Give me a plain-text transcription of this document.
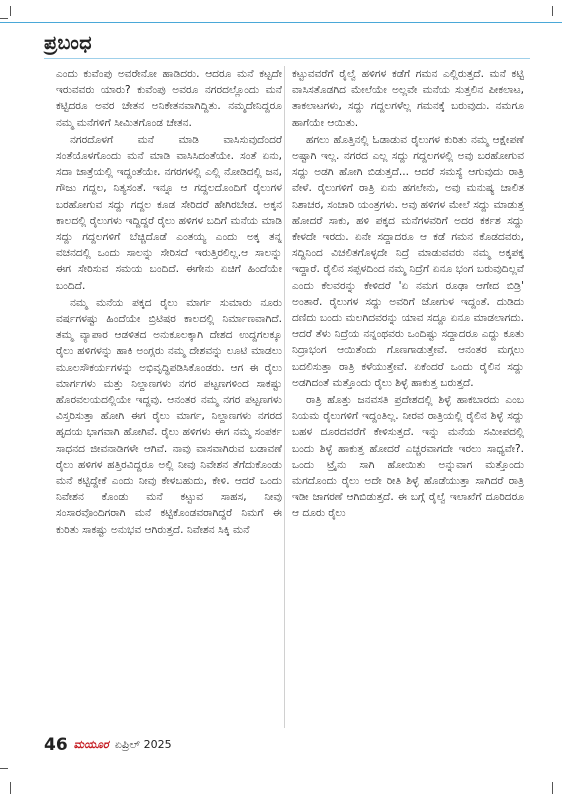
ಪ್ರಬಂಧ

ಎಂದು ಕುವೆಂಪು ಅವರೇನೋ ಹಾಡಿದರು. ಆದರೂ ಮನೆ ಕಟ್ಟದೇ ಇರುವವರು ಯಾರು? ಕುವೆಂಪು ಅವರೂ ನಗರದಲ್ಲೊಂದು ಮನೆ ಕಟ್ಟಿದರೂ ಅವರ ಚೇತನ ಅನಿಕೇತನವಾಗಿದ್ದಿತು. ನಮ್ಮದೇನಿದ್ದರೂ ನಮ್ಮ ಮನೆಗಳಿಗೆ ಸೀಮಿತಗೊಂಡ ಚೇತನ.

ನಗರದೊಳಗೆ ಮನೆ ಮಾಡಿ ವಾಸಿಸುವುದೆಂದರೆ ಸಂತೆಯೊಳಗೊಂದು ಮನೆ ಮಾಡಿ ವಾಸಿಸಿದಂತೆಯೇ. ಸಂತೆ ಏನು, ಸದಾ ಜಾತ್ರೆಯಲ್ಲಿ ಇದ್ದಂತೆಯೇ. ನಗರಗಳಲ್ಲಿ ಎಲ್ಲಿ ನೋಡಿದಲ್ಲಿ ಜನ, ಗೌಜು ಗದ್ದಲ, ನಿತ್ಯಸಂತೆ. ಇನ್ನೂ ಆ ಗದ್ದಲದೊಂದಿಗೆ ರೈಲುಗಳ ಬರಹೋಗುವ ಸದ್ದು ಗದ್ದಲ ಕೂಡ ಸೇರಿದರೆ ಹೇಗಿರಬೇಡ. ಅಕ್ಕನ ಕಾಲದಲ್ಲಿ ರೈಲುಗಳು ಇದ್ದಿದ್ದರೆ ರೈಲು ಹಳಿಗಳ ಬದಿಗೆ ಮನೆಯ ಮಾಡಿ ಸದ್ದು ಗದ್ದಲಗಳಿಗೆ ಬೆಚ್ಚಿದೊಡೆ ಎಂತಯ್ಯ ಎಂದು ಅಕ್ಕ ತನ್ನ ವಚನದಲ್ಲಿ ಒಂದು ಸಾಲನ್ನು ಸೇರಿಸದೆ ಇರುತ್ತಿರಲಿಲ್ಲ.ಆ ಸಾಲನ್ನು ಈಗ ಸೇರಿಸುವ ಸಮಯ ಬಂದಿದೆ. ಈಗೇನು ಏಚಿಗೆ ಹಿಂದೆಯೇ ಬಂದಿದೆ.

ನಮ್ಮ ಮನೆಯ ಪಕ್ಕದ ರೈಲು ಮಾರ್ಗ ಸುಮಾರು ನೂರು ವರ್ಷಗಳಷ್ಟು ಹಿಂದೆಯೇ ಬ್ರಿಟಿಷರ ಕಾಲದಲ್ಲಿ ನಿರ್ಮಾಣವಾಗಿದೆ. ತಮ್ಮ ವ್ಯಾಪಾರ ಆಡಳಿತದ ಅನುಕೂಲಕ್ಕಾಗಿ ದೇಶದ ಉದ್ದಗಲಕ್ಕೂ ರೈಲು ಹಳಿಗಳನ್ನು ಹಾಕಿ ಅಂಗ್ಲರು ನಮ್ಮ ದೇಶವನ್ನು ಲೂಟಿ ಮಾಡಲು ಮೂಲಸೌಕರ್ಯಗಳನ್ನು ಅಭಿವೃದ್ಧಿಪಡಿಸಿಕೊಂಡರು. ಆಗ ಈ ರೈಲು ಮಾರ್ಗಗಳು ಮತ್ತು ನಿಲ್ದಾಣಗಳು ನಗರ ಪಟ್ಟಣಗಳಿಂದ ಸಾಕಷ್ಟು ಹೊರವಲಯದಲ್ಲಿಯೇ ಇದ್ದವು. ಆನಂತರ ನಮ್ಮ ನಗರ ಪಟ್ಟಣಗಳು ವಿಸ್ತರಿಸುತ್ತಾ ಹೋಗಿ ಈಗ ರೈಲು ಮಾರ್ಗ, ನಿಲ್ದಾಣಗಳು ನಗರದ ಹೃದಯ ಭಾಗವಾಗಿ ಹೋಗಿವೆ. ರೈಲು ಹಳಿಗಳು ಈಗ ನಮ್ಮ ಸಂಪರ್ಕ ಸಾಧನದ ಜೀವನಾಡಿಗಳೇ ಆಗಿವೆ. ನಾವು ವಾಸವಾಗಿರುವ ಬಡಾವಣೆ ರೈಲು ಹಳಿಗಳ ಹತ್ತಿರವಿದ್ದರೂ ಅಲ್ಲಿ ನೀವು ನಿವೇಶನ ತೆಗೆದುಕೊಂಡು ಮನೆ ಕಟ್ಟಿದ್ದೇಕೆ ಎಂದು ನೀವು ಕೇಳಬಹುದು, ಕೇಳಿ. ಆದರೆ ಒಂದು ನಿವೇಶನ ಕೊಂಡು ಮನೆ ಕಟ್ಟುವ ಸಾಹಸ, ನೀವು ಸಂಸಾರವೊಂದಿಗರಾಗಿ ಮನೆ ಕಟ್ಟಿಕೊಂಡವರಾಗಿದ್ದರೆ ನಿಮಗೆ ಈ ಕುರಿತು ಸಾಕಷ್ಟು ಅನುಭವ ಆಗಿರುತ್ತದೆ. ನಿವೇಶನ ಸಿಕ್ಕಿ ಮನೆ

ಕಟ್ಟುವವರೆಗೆ ರೈಲ್ವೆ ಹಳಿಗಳ ಕಡೆಗೆ ಗಮನ ಎಲ್ಲಿರುತ್ತದೆ. ಮನೆ ಕಟ್ಟಿ ವಾಸಿಸತೊಡಗಿದ ಮೇಲೆಯೇ ಅಲ್ಲವೇ ಮನೆಯ ಸುತ್ತಲಿನ ಪೀಕಲಾಟ, ತಾಕಲಾಟಗಳು, ಸದ್ದು ಗದ್ದಲಗಳೆಲ್ಲ ಗಮನಕ್ಕೆ ಬರುವುದು. ನಮಗೂ ಹಾಗೆಯೇ ಆಯಿತು.

ಹಗಲು ಹೊತ್ತಿನಲ್ಲಿ ಓಡಾಡುವ ರೈಲುಗಳ ಕುರಿತು ನಮ್ಮ ಆಕ್ಷೇಪಣೆ ಅಷ್ಟಾಗಿ ಇಲ್ಲ. ನಗರದ ಎಲ್ಲ ಸದ್ದು ಗದ್ದಲಗಳಲ್ಲಿ ಅವು ಬರಹೋಗುವ ಸದ್ದು ಅಡಗಿ ಹೋಗಿ ಬಿಡುತ್ತದೆ... ಆದರೆ ಸಮಸ್ಯೆ ಆಗುವುದು ರಾತ್ರಿ ವೇಳೆ. ರೈಲುಗಳಿಗೆ ರಾತ್ರಿ ಏನು ಹಗಲೇನು, ಅವು ಮನುಷ್ಯ ಚಾಲಿತ ನಿಶಾಚರ, ಸಂಚಾರಿ ಯಂತ್ರಗಳು. ಅವು ಹಳಿಗಳ ಮೇಲೆ ಸದ್ದು ಮಾಡುತ್ತ ಹೋದರೆ ಸಾಕು, ಹಳಿ ಪಕ್ಕದ ಮನೆಗಳವರಿಗೆ ಅದರ ಕರ್ಕಶ ಸದ್ದು ಕೇಳದೇ ಇರದು. ಏನೇ ಸದ್ದಾದರೂ ಆ ಕಡೆ ಗಮನ ಕೊಡದವರು, ಸದ್ದಿನಿಂದ ವಿಚಲಿತಗೊಳ್ಳದೇ ನಿದ್ರೆ ಮಾಡುವವರು ನಮ್ಮ ಅಕ್ಕಪಕ್ಕ ಇದ್ದಾರೆ. ರೈಲಿನ ಸಪ್ಪಳದಿಂದ ನಮ್ಮ ನಿದ್ರೆಗೆ ಏನೂ ಭಂಗ ಬರುವುದಿಲ್ಲವೆ ಎಂದು ಕೆಲವರನ್ನು ಕೇಳಿದರೆ 'ಏ ನಮಗ ರೂಢಾ ಆಗೇದ ಬಿಡ್ರಿ' ಅಂತಾರೆ. ರೈಲುಗಳ ಸದ್ದು ಅವರಿಗೆ ಜೋಗುಳ ಇದ್ದಂತೆ. ದುಡಿದು ದಣಿದು ಬಂದು ಮಲಗಿದವರನ್ನು ಯಾವ ಸದ್ದೂ ಏನೂ ಮಾಡಲಾಗದು. ಆದರೆ ತೆಳು ನಿದ್ರೆಯ ನನ್ನಂಥವರು ಒಂದಿಷ್ಟು ಸದ್ದಾದರೂ ಎದ್ದು ಕೂತು ನಿದ್ರಾಭಂಗ ಆಯಿತೆಂದು ಗೊಣಗಾಡುತ್ತೇವೆ. ಆನಂತರ ಮಗ್ಗಲು ಬದಲಿಸುತ್ತಾ ರಾತ್ರಿ ಕಳೆಯುತ್ತೇವೆ. ಏಕೆಂದರೆ ಒಂದು ರೈಲಿನ ಸದ್ದು ಅಡಗಿದಂತೆ ಮತ್ತೊಂದು ರೈಲು ಶಿಳ್ಳೆ ಹಾಕುತ್ತ ಬರುತ್ತದೆ.

ರಾತ್ರಿ ಹೊತ್ತು ಜನವಸತಿ ಪ್ರದೇಶದಲ್ಲಿ ಶಿಳ್ಳೆ ಹಾಕಬಾರದು ಎಂಬ ನಿಯಮ ರೈಲುಗಳಿಗೆ ಇದ್ದಂತಿಲ್ಲ. ನೀರವ ರಾತ್ರಿಯಲ್ಲಿ ರೈಲಿನ ಶಿಳ್ಳೆ ಸದ್ದು ಬಹಳ ದೂರದವರೆಗೆ ಕೇಳಿಸುತ್ತದೆ. ಇನ್ನು ಮನೆಯ ಸಮೀಪದಲ್ಲಿ ಬಂದು ಶಿಳ್ಳೆ ಹಾಕುತ್ತ ಹೋದರೆ ಎಚ್ಚರವಾಗದೇ ಇರಲು ಸಾಧ್ಯವೇ?. ಒಂದು ಟ್ರೈನು ಸಾಗಿ ಹೋಯಿತು ಅನ್ನುವಾಗ ಮತ್ತೊಂದು ಮಗದೊಂದು ರೈಲು ಅದೇ ರೀತಿ ಶಿಳ್ಳೆ ಹೊಡೆಯುತ್ತಾ ಸಾಗಿದರೆ ರಾತ್ರಿ ಇಡೀ ಜಾಗರಣೆ ಆಗಿಬಿಡುತ್ತದೆ. ಈ ಬಗ್ಗೆ ರೈಲ್ವೆ ಇಲಾಖೆಗೆ ದೂರಿದರೂ ಆ ದೂರು ರೈಲು

46 ಮಯೂರ ಏಪ್ರಿಲ್ 2025
